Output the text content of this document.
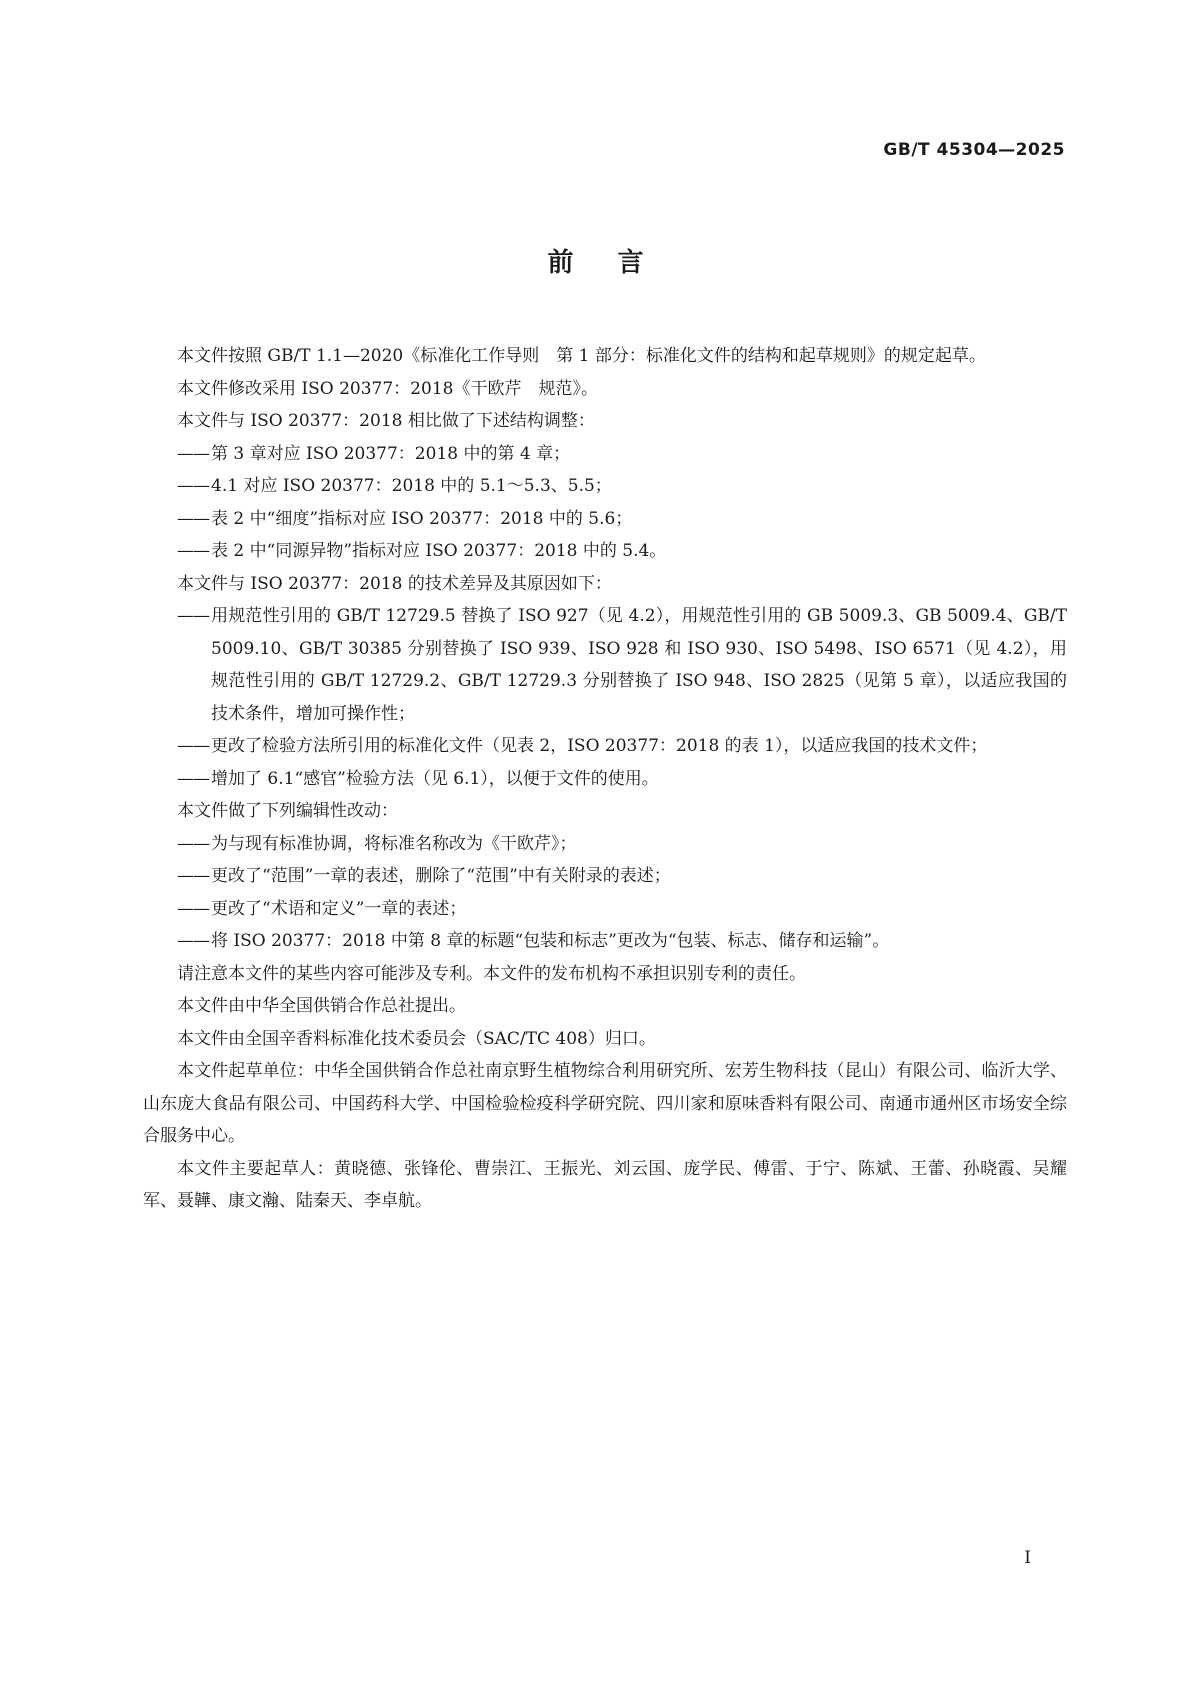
GB/T 45304—2025
前言

本文件按照 GB/T 1.1—2020《标准化工作导则　第 1 部分：标准化文件的结构和起草规则》的规定起草。

本文件修改采用 ISO 20377：2018《干欧芹　规范》。

本文件与 ISO 20377：2018 相比做了下述结构调整：

—— 第 3 章对应 ISO 20377：2018 中的第 4 章；

—— 4.1 对应 ISO 20377：2018 中的 5.1～5.3、5.5；

—— 表 2 中“细度”指标对应 ISO 20377：2018 中的 5.6；

—— 表 2 中“同源异物”指标对应 ISO 20377：2018 中的 5.4。

本文件与 ISO 20377：2018 的技术差异及其原因如下：

—— 用规范性引用的 GB/T 12729.5 替换了 ISO 927（见 4.2），用规范性引用的 GB 5009.3、GB 5009.4、GB/T 5009.10、GB/T 30385 分别替换了 ISO 939、ISO 928 和 ISO 930、ISO 5498、ISO 6571（见 4.2），用规范性引用的 GB/T 12729.2、GB/T 12729.3 分别替换了 ISO 948、ISO 2825（见第 5 章），以适应我国的技术条件，增加可操作性；

—— 更改了检验方法所引用的标准化文件（见表 2，ISO 20377：2018 的表 1），以适应我国的技术文件；

—— 增加了 6.1“感官”检验方法（见 6.1），以便于文件的使用。

本文件做了下列编辑性改动：

—— 为与现有标准协调，将标准名称改为《干欧芹》；

—— 更改了“范围”一章的表述，删除了“范围”中有关附录的表述；

—— 更改了“术语和定义”一章的表述；

—— 将 ISO 20377：2018 中第 8 章的标题“包装和标志”更改为“包装、标志、储存和运输”。

请注意本文件的某些内容可能涉及专利。本文件的发布机构不承担识别专利的责任。

本文件由中华全国供销合作总社提出。

本文件由全国辛香料标准化技术委员会（SAC/TC 408）归口。

本文件起草单位：中华全国供销合作总社南京野生植物综合利用研究所、宏芳生物科技（昆山）有限公司、临沂大学、山东庞大食品有限公司、中国药科大学、中国检验检疫科学研究院、四川家和原味香料有限公司、南通市通州区市场安全综合服务中心。

本文件主要起草人：黄晓德、张锋伦、曹崇江、王振光、刘云国、庞学民、傅雷、于宁、陈斌、王蕾、孙晓霞、吴耀军、聂韡、康文瀚、陆秦天、李卓航。

I
